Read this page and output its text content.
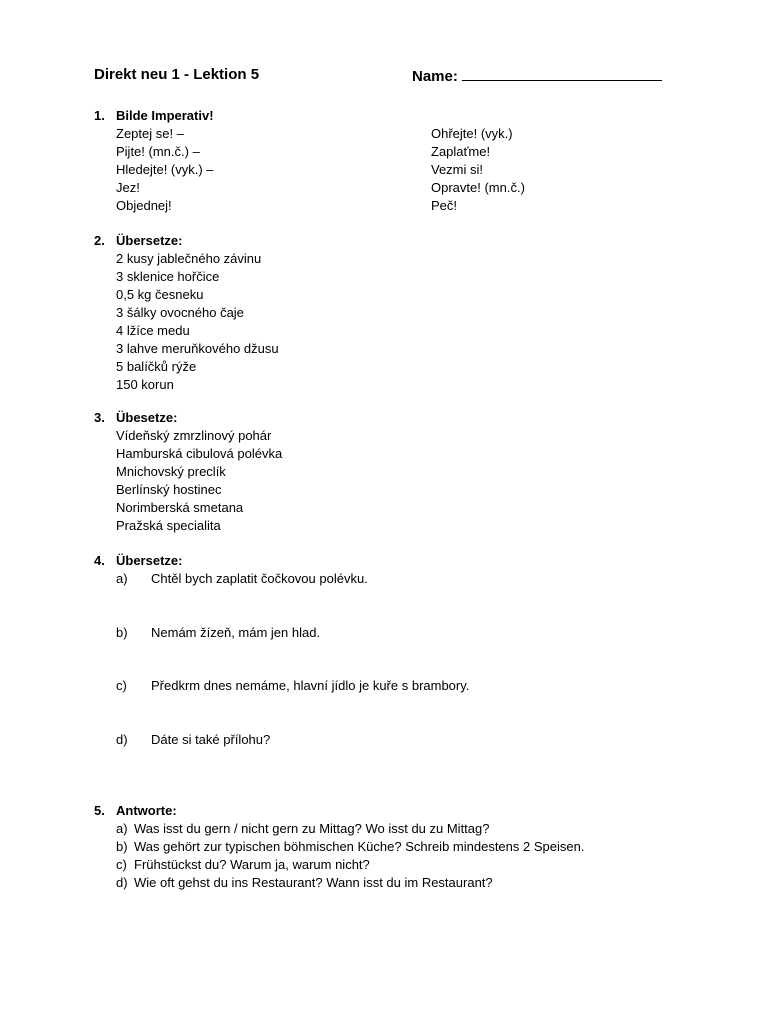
Direkt neu 1 - Lektion 5	Name:
1. Bilde Imperativ!
Zeptej se! –
Pijte! (mn.č.) –
Hledejte! (vyk.) –
Jez!
Objednej!
Ohřejte! (vyk.)
Zaplaťme!
Vezmi si!
Opravte! (mn.č.)
Peč!
2. Übersetze:
2 kusy jablečného závinu
3 sklenice hořčice
0,5 kg česneku
3 šálky ovocného čaje
4 lžíce medu
3 lahve meruňkového džusu
5 balíčků rýže
150 korun
3. Übesetze:
Vídeňský zmrzlinový pohár
Hamburská cibulová polévka
Mnichovský preclík
Berlínský hostinec
Norimberská smetana
Pražská specialita
4. Übersetze:
a) Chtěl bych zaplatit čočkovou polévku.
b) Nemám žízeň, mám jen hlad.
c) Předkrm dnes nemáme, hlavní jídlo je kuře s brambory.
d) Dáte si také přílohu?
5. Antworte:
a) Was isst du gern / nicht gern zu Mittag? Wo isst du zu Mittag?
b) Was gehört zur typischen böhmischen Küche? Schreib mindestens 2 Speisen.
c) Frühstückst du? Warum ja, warum nicht?
d) Wie oft gehst du ins Restaurant? Wann isst du im Restaurant?
